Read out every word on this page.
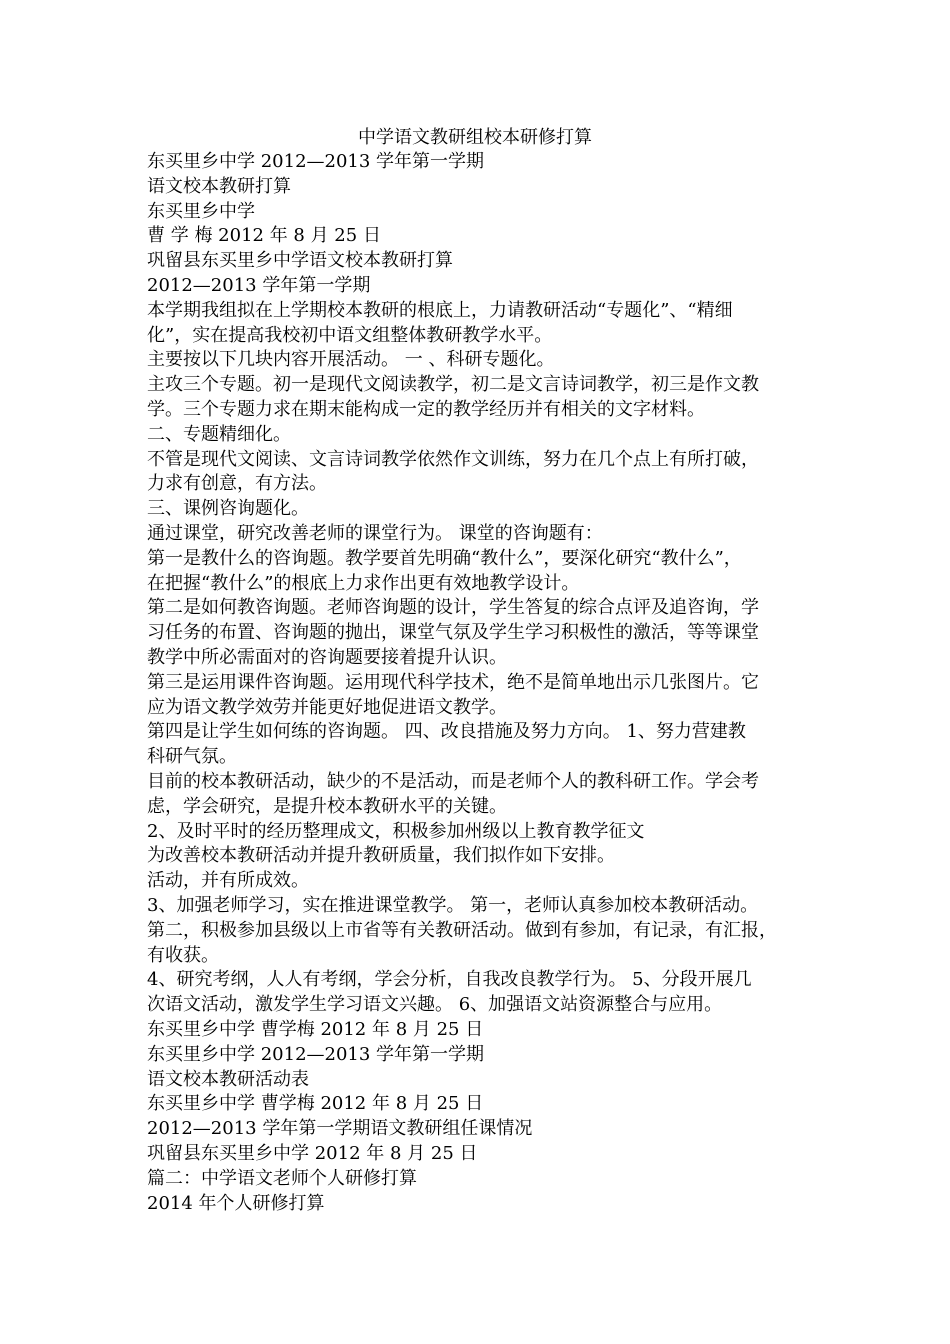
中学语文教研组校本研修打算
东买里乡中学 2012—2013 学年第一学期
语文校本教研打算
东买里乡中学
曹 学 梅 2012 年 8 月 25 日
巩留县东买里乡中学语文校本教研打算
2012—2013 学年第一学期
本学期我组拟在上学期校本教研的根底上，力请教研活动“专题化”、“精细
化”，实在提高我校初中语文组整体教研教学水平。
主要按以下几块内容开展活动。 一 、科研专题化。
主攻三个专题。初一是现代文阅读教学，初二是文言诗词教学，初三是作文教
学。三个专题力求在期末能构成一定的教学经历并有相关的文字材料。
二、专题精细化。
不管是现代文阅读、文言诗词教学依然作文训练，努力在几个点上有所打破，
力求有创意，有方法。
三、课例咨询题化。
通过课堂，研究改善老师的课堂行为。 课堂的咨询题有：
第一是教什么的咨询题。教学要首先明确“教什么”，要深化研究“教什么”，
在把握“教什么”的根底上力求作出更有效地教学设计。
第二是如何教咨询题。老师咨询题的设计，学生答复的综合点评及追咨询，学
习任务的布置、咨询题的抛出，课堂气氛及学生学习积极性的激活，等等课堂
教学中所必需面对的咨询题要接着提升认识。
第三是运用课件咨询题。运用现代科学技术，绝不是简单地出示几张图片。它
应为语文教学效劳并能更好地促进语文教学。
第四是让学生如何练的咨询题。 四、改良措施及努力方向。 1、努力营建教
科研气氛。
目前的校本教研活动，缺少的不是活动，而是老师个人的教科研工作。学会考
虑，学会研究，是提升校本教研水平的关键。
2、及时平时的经历整理成文，积极参加州级以上教育教学征文
为改善校本教研活动并提升教研质量，我们拟作如下安排。
活动，并有所成效。
3、加强老师学习，实在推进课堂教学。 第一，老师认真参加校本教研活动。
第二，积极参加县级以上市省等有关教研活动。做到有参加，有记录，有汇报，
有收获。
4、研究考纲，人人有考纲，学会分析，自我改良教学行为。 5、分段开展几
次语文活动，激发学生学习语文兴趣。 6、加强语文站资源整合与应用。
东买里乡中学 曹学梅 2012 年 8 月 25 日
东买里乡中学 2012—2013 学年第一学期
语文校本教研活动表
东买里乡中学 曹学梅 2012 年 8 月 25 日
2012—2013 学年第一学期语文教研组任课情况
巩留县东买里乡中学 2012 年 8 月 25 日
篇二：中学语文老师个人研修打算
2014 年个人研修打算
